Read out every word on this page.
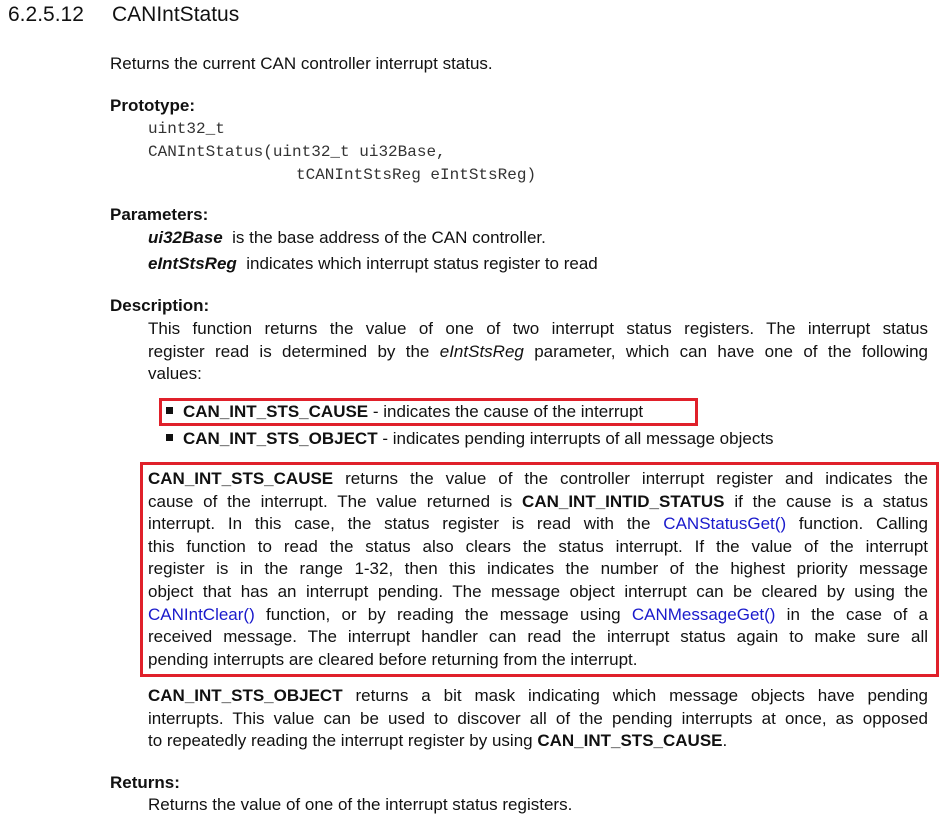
6.2.5.12 CANIntStatus
Returns the current CAN controller interrupt status.
Prototype:
uint32_t
CANIntStatus(uint32_t ui32Base,
tCANIntStsReg eIntStsReg)
Parameters:
ui32Base is the base address of the CAN controller.
eIntStsReg indicates which interrupt status register to read
Description:
This function returns the value of one of two interrupt status registers. The interrupt status
register read is determined by the eIntStsReg parameter, which can have one of the following
values:
CAN_INT_STS_CAUSE - indicates the cause of the interrupt
CAN_INT_STS_OBJECT - indicates pending interrupts of all message objects
CAN_INT_STS_CAUSE returns the value of the controller interrupt register and indicates the
cause of the interrupt. The value returned is CAN_INT_INTID_STATUS if the cause is a status
interrupt. In this case, the status register is read with the CANStatusGet() function. Calling
this function to read the status also clears the status interrupt. If the value of the interrupt
register is in the range 1-32, then this indicates the number of the highest priority message
object that has an interrupt pending. The message object interrupt can be cleared by using the
CANIntClear() function, or by reading the message using CANMessageGet() in the case of a
received message. The interrupt handler can read the interrupt status again to make sure all
pending interrupts are cleared before returning from the interrupt.
CAN_INT_STS_OBJECT returns a bit mask indicating which message objects have pending
interrupts. This value can be used to discover all of the pending interrupts at once, as opposed
to repeatedly reading the interrupt register by using CAN_INT_STS_CAUSE.
Returns:
Returns the value of one of the interrupt status registers.
